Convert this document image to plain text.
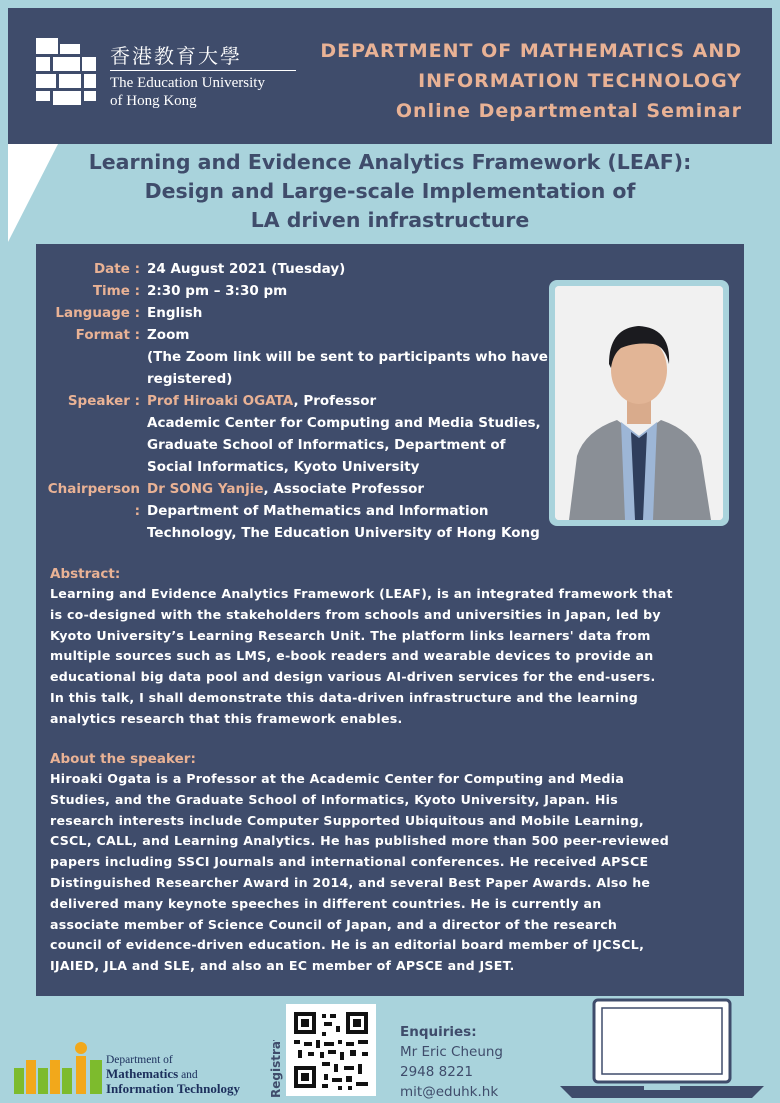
香港教育大學
The Education University
of Hong Kong
DEPARTMENT OF MATHEMATICS AND
INFORMATION TECHNOLOGY
Online Departmental Seminar
Learning and Evidence Analytics Framework (LEAF):
Design and Large-scale Implementation of
LA driven infrastructure
Date : 24 August 2021 (Tuesday)
Time : 2:30 pm – 3:30 pm
Language : English
Format : Zoom
(The Zoom link will be sent to participants who have
registered)
Speaker : Prof Hiroaki OGATA, Professor
Academic Center for Computing and Media Studies,
Graduate School of Informatics, Department of
Social Informatics, Kyoto University
Chairperson :
Dr SONG Yanjie, Associate Professor
Department of Mathematics and Information
Technology, The Education University of Hong Kong
Abstract:
Learning and Evidence Analytics Framework (LEAF), is an integrated framework that
is co-designed with the stakeholders from schools and universities in Japan, led by
Kyoto University’s Learning Research Unit. The platform links learners' data from
multiple sources such as LMS, e-book readers and wearable devices to provide an
educational big data pool and design various AI-driven services for the end-users.
In this talk, I shall demonstrate this data-driven infrastructure and the learning
analytics research that this framework enables.
About the speaker:
Hiroaki Ogata is a Professor at the Academic Center for Computing and Media
Studies, and the Graduate School of Informatics, Kyoto University, Japan. His
research interests include Computer Supported Ubiquitous and Mobile Learning,
CSCL, CALL, and Learning Analytics. He has published more than 500 peer-reviewed
papers including SSCI Journals and international conferences. He received APSCE
Distinguished Researcher Award in 2014, and several Best Paper Awards. Also he
delivered many keynote speeches in different countries. He is currently an
associate member of Science Council of Japan, and a director of the research
council of evidence-driven education. He is an editorial board member of IJCSCL,
IJAIED, JLA and SLE, and also an EC member of APSCE and JSET.
Department of
Mathematics and
Information Technology Registration:	Enquiries:
Mr Eric Cheung
2948 8221
mit@eduhk.hk
